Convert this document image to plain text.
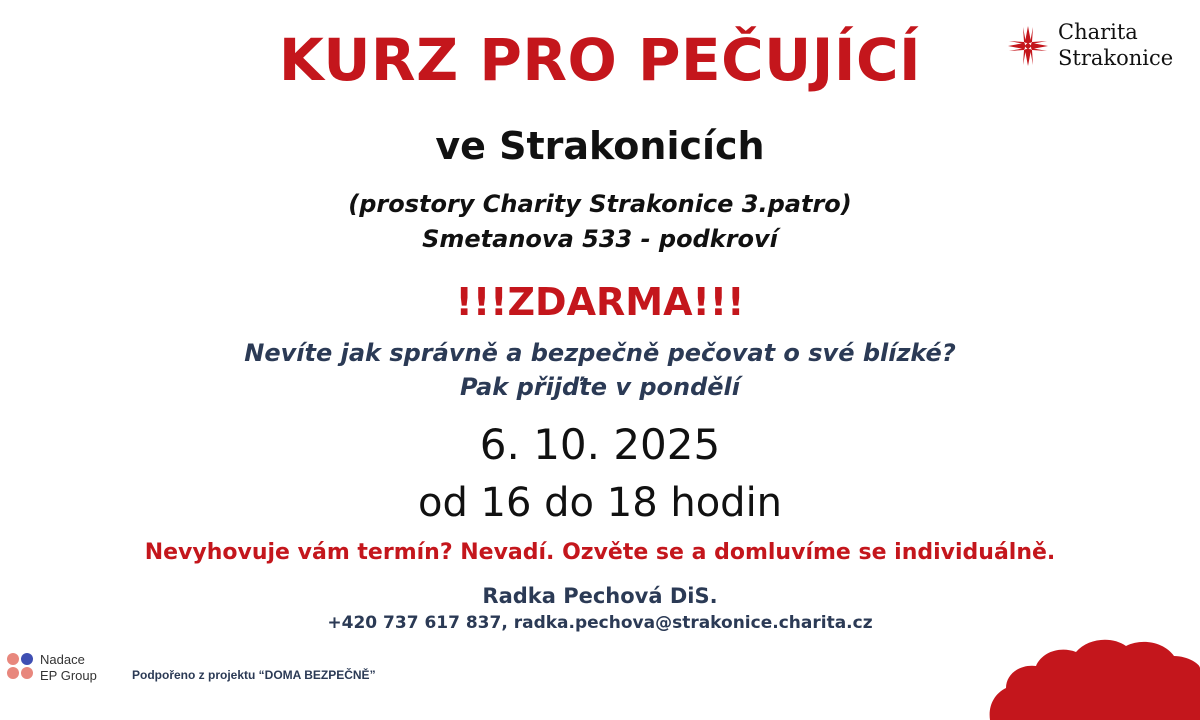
KURZ PRO PEČUJÍCÍ
ve Strakonicích
(prostory Charity Strakonice 3.patro)
Smetanova 533 - podkroví
!!!ZDARMA!!!
Nevíte jak správně a bezpečně pečovat o své blízké?
Pak přijďte v pondělí
6. 10. 2025
od 16 do 18 hodin
Nevyhovuje vám termín? Nevadí. Ozvěte se a domluvíme se individuálně.
Radka Pechová DiS.
+420 737 617 837, radka.pechova@strakonice.charita.cz
Charita
Strakonice
Nadace
EP Group	Podpořeno z projektu “DOMA BEZPEČNĚ”
